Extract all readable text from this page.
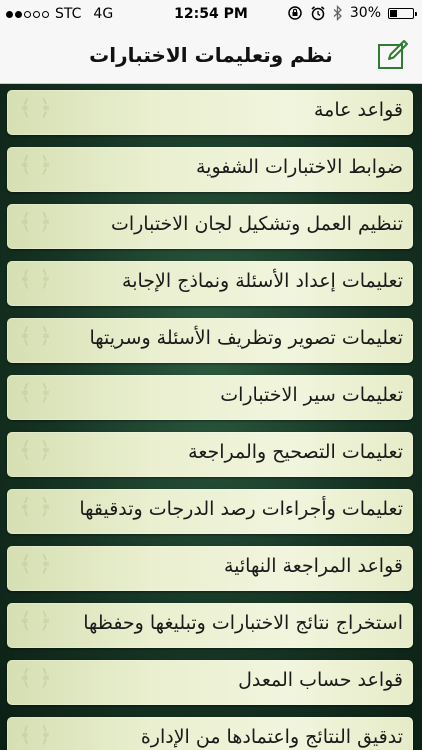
STC 4G	12:54 PM	30%
نظم وتعليمات الاختبارات
﴾ ﴿	قواعد عامة
﴾ ﴿	ضوابط الاختبارات الشفوية
﴾ ﴿	تنظيم العمل وتشكيل لجان الاختبارات
﴾ ﴿	تعليمات إعداد الأسئلة ونماذج الإجابة
﴾ ﴿ تعليمات تصوير وتظريف الأسئلة وسريتها
﴾ ﴿	تعليمات سير الاختبارات
﴾ ﴿	تعليمات التصحيح والمراجعة
﴾ ﴿ تعليمات وأجراءات رصد الدرجات وتدقيقها
﴾ ﴿	قواعد المراجعة النهائية
﴾ ﴿ استخراج نتائج الاختبارات وتبليغها وحفظها
﴾ ﴿	قواعد حساب المعدل
﴾ ﴿	تدقيق النتائج واعتمادها من الإدارة
